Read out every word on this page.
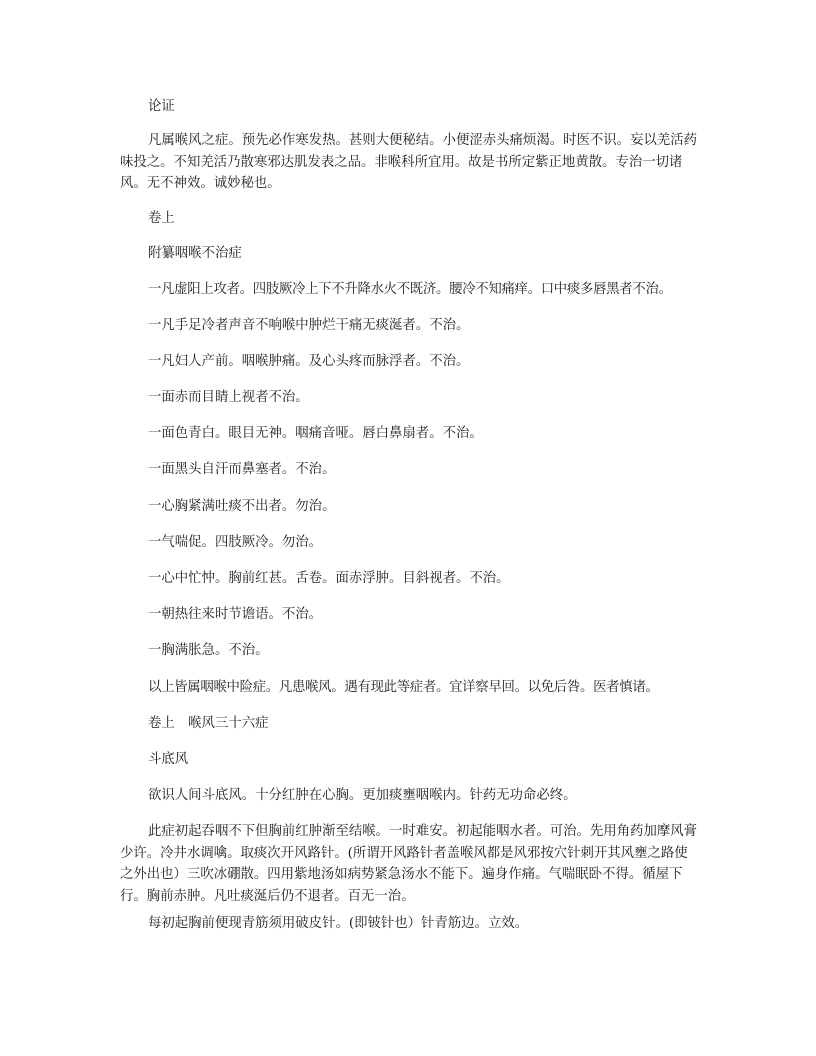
论证

凡属喉风之症。预先必作寒发热。甚则大便秘结。小便涩赤头痛烦渴。时医不识。妄以羌活药味投之。不知羌活乃散寒邪达肌发表之品。非喉科所宜用。故是书所定紫正地黄散。专治一切诸风。无不神效。诚妙秘也。

卷上

附纂咽喉不治症

一凡虚阳上攻者。四肢厥冷上下不升降水火不既济。腰冷不知痛痒。口中痰多唇黑者不治。

一凡手足冷者声音不响喉中肿烂干痛无痰涎者。不治。

一凡妇人产前。咽喉肿痛。及心头疼而脉浮者。不治。

一面赤而目睛上视者不治。

一面色青白。眼目无神。咽痛音哑。唇白鼻扇者。不治。

一面黑头自汗而鼻塞者。不治。

一心胸紧满吐痰不出者。勿治。

一气喘促。四肢厥冷。勿治。

一心中忙忡。胸前红甚。舌卷。面赤浮肿。目斜视者。不治。

一朝热往来时节谵语。不治。

一胸满胀急。不治。

以上皆属咽喉中险症。凡患喉风。遇有现此等症者。宜详察早回。以免后咎。医者慎诸。

卷上　喉风三十六症

斗底风

欲识人间斗底风。十分红肿在心胸。更加痰壅咽喉内。针药无功命必终。

此症初起吞咽不下但胸前红肿渐至结喉。一时难安。初起能咽水者。可治。先用角药加摩风膏少许。冷井水调噙。取痰次开风路针。(所谓开风路针者盖喉风都是风邪按穴针刺开其风壅之路使之外出也）三吹冰硼散。四用紫地汤如病势紧急汤水不能下。遍身作痛。气喘眠卧不得。循屋下行。胸前赤肿。凡吐痰涎后仍不退者。百无一治。

每初起胸前便现青筋须用破皮针。(即铍针也）针青筋边。立效。
